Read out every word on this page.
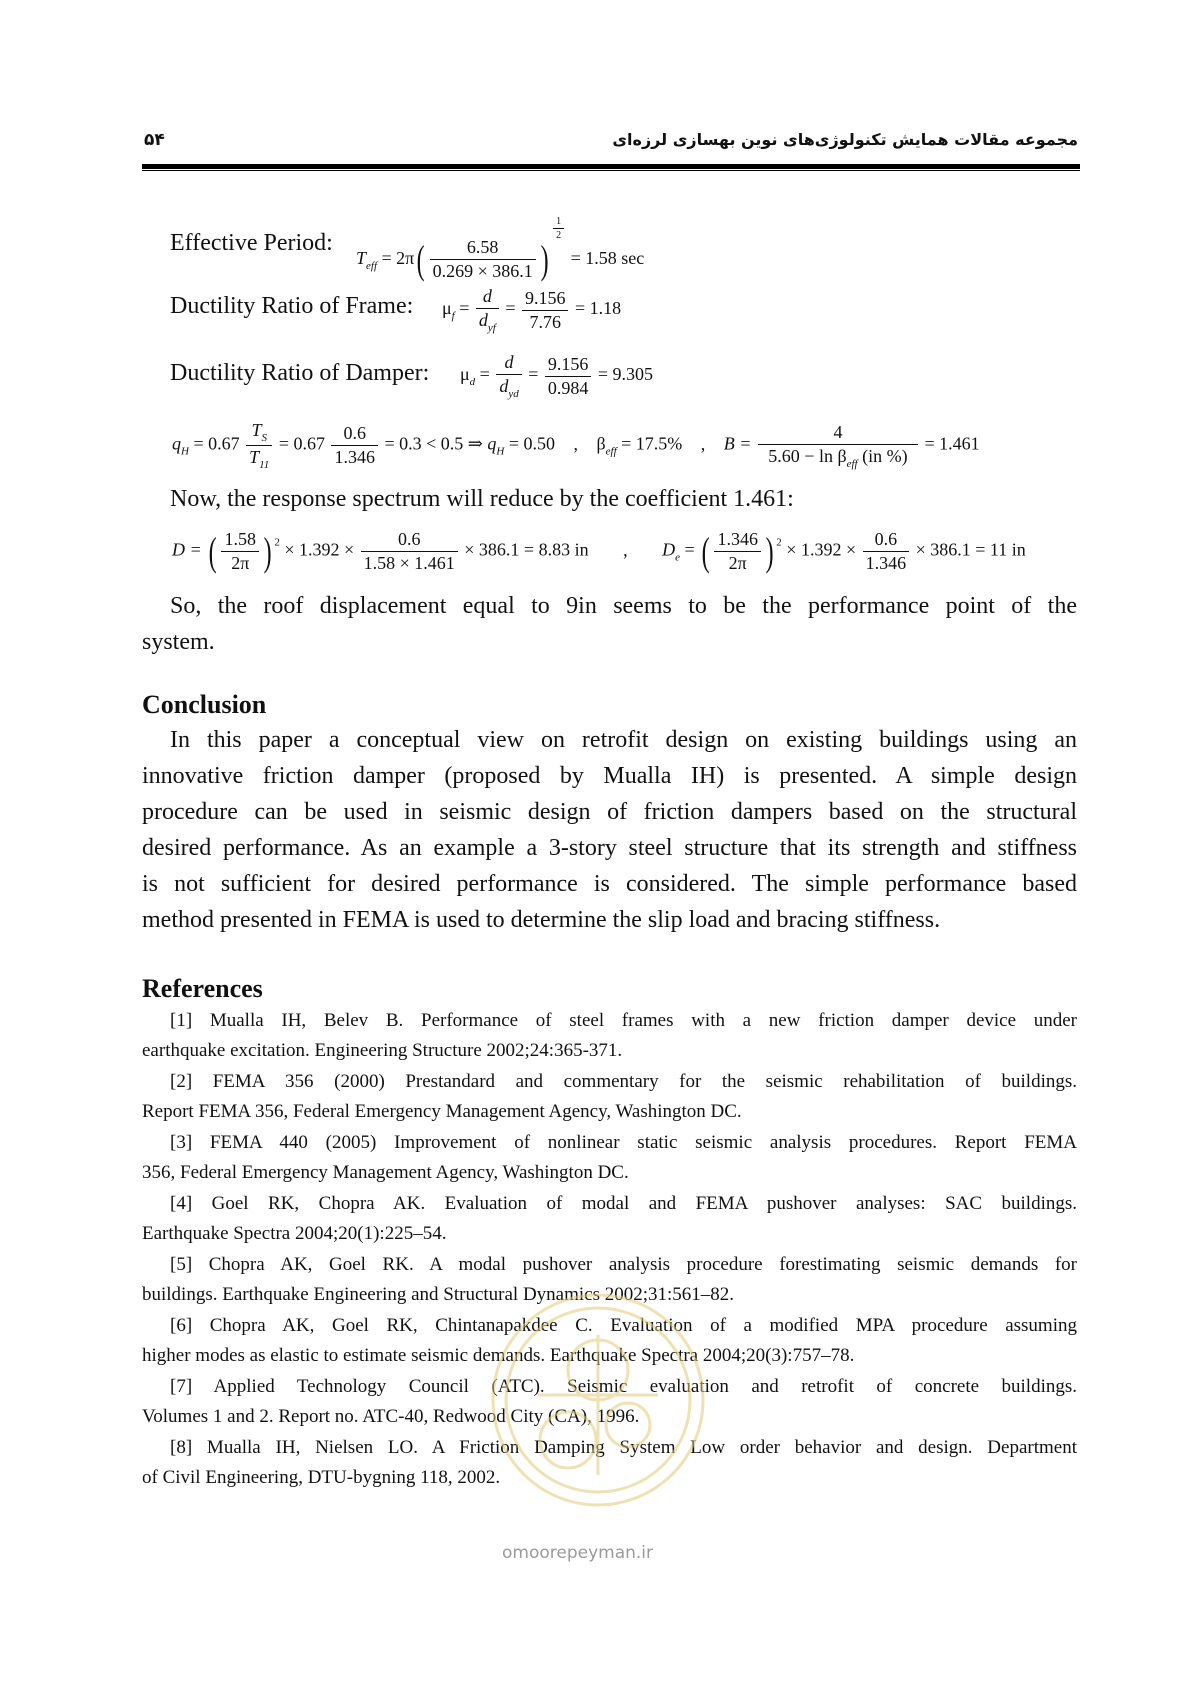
۵۴	مجموعه مقالات همایش تکنولوژی‌های نوین بهسازی لرزه‌ای
Effective Period:
$T_{eff} = 2\pi( \frac{6.58}{0.269 \times 386.1}$ )
$\frac{1}{2}$
= 1.58 sec
Ductility Ratio of Frame: $\mu_f = \frac{d}{d_{yf}} = \frac{9.156}{7.76} = 1.18$
Ductility Ratio of Damper: $\mu_d = \frac{d}{d_{yd}} = \frac{9.156}{0.984} = 9.305$
$q_H = 0.67 \frac{T_S}{T_{11}} = 0.67 \frac{0.6}{1.346} = 0.3 < 0.5$ ⇒ $q_H = 0.50$ , $\beta_{eff} = 17.5\%$ , $B = \frac{4}{5.60 - \ln \beta_{eff} (in \%)} = 1.461$
Now, the response spectrum will reduce by the coefficient 1.461:
D = ( $\frac{1.58}{2\pi}$ ) $^2 \times 1.392 \times \frac{0.6}{1.58 \times 1.461} \times 386.1 = 8.83$ in , $D_e$ = ( $\frac{1.346}{2\pi}$ ) $^2 \times 1.392 \times \frac{0.6}{1.346} \times 386.1 = 11$ in
So, the roof displacement equal to 9in seems to be the performance point of the
system.
Conclusion
In this paper a conceptual view on retrofit design on existing buildings using an
innovative friction damper (proposed by Mualla IH) is presented. A simple design
procedure can be used in seismic design of friction dampers based on the structural
desired performance. As an example a 3-story steel structure that its strength and stiffness
is not sufficient for desired performance is considered. The simple performance based
method presented in FEMA is used to determine the slip load and bracing stiffness.
References
[1] Mualla IH, Belev B. Performance of steel frames with a new friction damper device under
earthquake excitation. Engineering Structure 2002;24:365-371.
[2] FEMA 356 (2000) Prestandard and commentary for the seismic rehabilitation of buildings.
Report FEMA 356, Federal Emergency Management Agency, Washington DC.
[3] FEMA 440 (2005) Improvement of nonlinear static seismic analysis procedures. Report FEMA
356, Federal Emergency Management Agency, Washington DC.
[4] Goel RK, Chopra AK. Evaluation of modal and FEMA pushover analyses: SAC buildings.
Earthquake Spectra 2004;20(1):225–54.
[5] Chopra AK, Goel RK. A modal pushover analysis procedure forestimating seismic demands for
buildings. Earthquake Engineering and Structural Dynamics 2002;31:561–82.
[6] Chopra AK, Goel RK, Chintanapakdee C. Evaluation of a modified MPA procedure assuming
higher modes as elastic to estimate seismic demands. Earthquake Spectra 2004;20(3):757–78.
[7] Applied Technology Council (ATC). Seismic evaluation and retrofit of concrete buildings.
Volumes 1 and 2. Report no. ATC-40, Redwood City (CA), 1996.
[8] Mualla IH, Nielsen LO. A Friction Damping System Low order behavior and design. Department
of Civil Engineering, DTU-bygning 118, 2002.
omoorepeyman.ir
